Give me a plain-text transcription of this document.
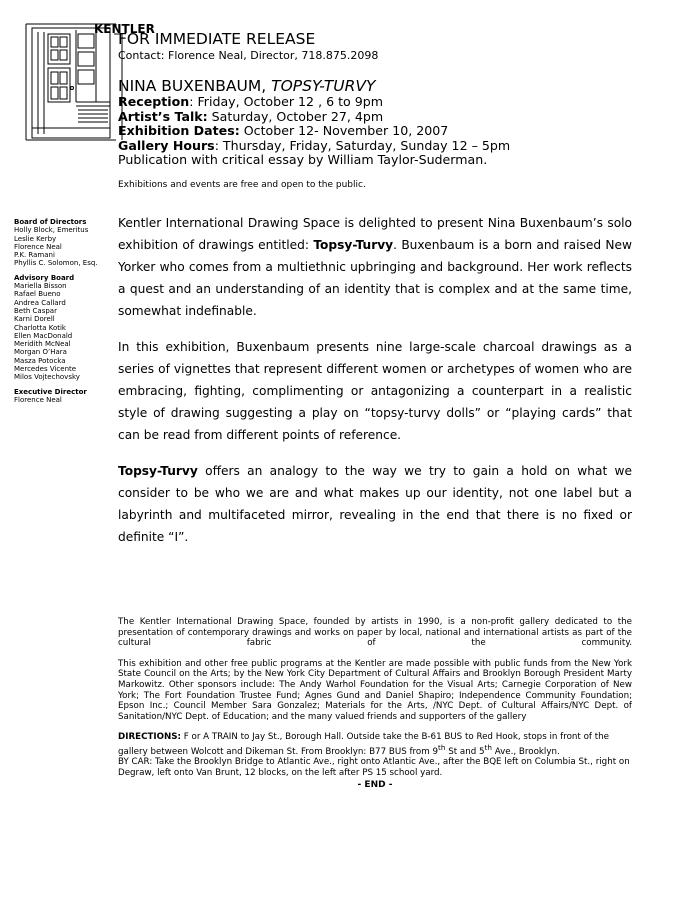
KENTLER
FOR IMMEDIATE RELEASE
Contact: Florence Neal, Director, 718.875.2098
NINA BUXENBAUM, TOPSY-TURVY
Reception: Friday, October 12 , 6 to 9pm
Artist’s Talk: Saturday, October 27, 4pm
Exhibition Dates: October 12- November 10, 2007
Gallery Hours: Thursday, Friday, Saturday, Sunday 12 – 5pm
Publication with critical essay by William Taylor-Suderman.
Exhibitions and events are free and open to the public.
Board of Directors
Holly Block, Emeritus
Leslie Kerby
Florence Neal
P.K. Ramani
Phyllis C. Solomon, Esq.
Advisory Board
Mariella Bisson
Rafael Bueno
Andrea Callard
Beth Caspar
Karni Dorell
Charlotta Kotik
Ellen MacDonald
Meridith McNeal
Morgan O’Hara
Masza Potocka
Mercedes Vicente
Milos Vojtechovsky
Executive Director
Florence Neal

Kentler International Drawing Space is delighted to present Nina Buxenbaum’s solo exhibition of drawings entitled: Topsy-Turvy. Buxenbaum is a born and raised New Yorker who comes from a multiethnic upbringing and background. Her work reflects a quest and an understanding of an identity that is complex and at the same time, somewhat indefinable.

In this exhibition, Buxenbaum presents nine large-scale charcoal drawings as a series of vignettes that represent different women or archetypes of women who are embracing, fighting, complimenting or antagonizing a counterpart in a realistic style of drawing suggesting a play on “topsy-turvy dolls” or “playing cards” that can be read from different points of reference.

Topsy-Turvy offers an analogy to the way we try to gain a hold on what we consider to be who we are and what makes up our identity, not one label but a labyrinth and multifaceted mirror, revealing in the end that there is no fixed or definite “I”.

The Kentler International Drawing Space, founded by artists in 1990, is a non-profit gallery dedicated to the presentation of contemporary drawings and works on paper by local, national and international artists as part of the cultural fabric of the community.

This exhibition and other free public programs at the Kentler are made possible with public funds from the New York State Council on the Arts; by the New York City Department of Cultural Affairs and Brooklyn Borough President Marty Markowitz. Other sponsors include: The Andy Warhol Foundation for the Visual Arts; Carnegie Corporation of New York; The Fort Foundation Trustee Fund; Agnes Gund and Daniel Shapiro; Independence Community Foundation; Epson Inc.; Council Member Sara Gonzalez; Materials for the Arts, /NYC Dept. of Cultural Affairs/NYC Dept. of Sanitation/NYC Dept. of Education; and the many valued friends and supporters of the gallery

DIRECTIONS: F or A TRAIN to Jay St., Borough Hall. Outside take the B-61 BUS to Red Hook, stops in front of the gallery between Wolcott and Dikeman St. From Brooklyn: B77 BUS from 9th St and 5th Ave., Brooklyn.

BY CAR: Take the Brooklyn Bridge to Atlantic Ave., right onto Atlantic Ave., after the BQE left on Columbia St., right on Degraw, left onto Van Brunt, 12 blocks, on the left after PS 15 school yard.

- END -
